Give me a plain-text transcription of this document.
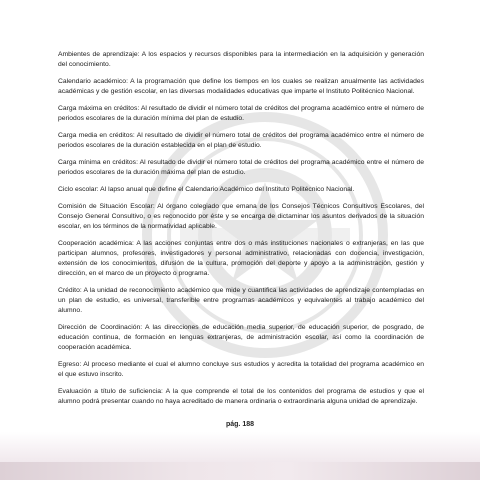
Ambientes de aprendizaje: A los espacios y recursos disponibles para la intermediación en la adquisición y generación del conocimiento.

Calendario académico: A la programación que define los tiempos en los cuales se realizan anualmente las actividades académicas y de gestión escolar, en las diversas modalidades educativas que imparte el Instituto Politécnico Nacional.

Carga máxima en créditos: Al resultado de dividir el número total de créditos del programa académico entre el número de periodos escolares de la duración mínima del plan de estudio.

Carga media en créditos: Al resultado de dividir el número total de créditos del programa académico entre el número de periodos escolares de la duración establecida en el plan de estudio.

Carga mínima en créditos: Al resultado de dividir el número total de créditos del programa académico entre el número de periodos escolares de la duración máxima del plan de estudio.

Ciclo escolar: Al lapso anual que define el Calendario Académico del Instituto Politécnico Nacional.

Comisión de Situación Escolar: Al órgano colegiado que emana de los Consejos Técnicos Consultivos Escolares, del Consejo General Consultivo, o es reconocido por éste y se encarga de dictaminar los asuntos derivados de la situación escolar, en los términos de la normatividad aplicable.

Cooperación académica: A las acciones conjuntas entre dos o más instituciones nacionales o extranjeras, en las que participan alumnos, profesores, investigadores y personal administrativo, relacionadas con docencia, investigación, extensión de los conocimientos, difusión de la cultura, promoción del deporte y apoyo a la administración, gestión y dirección, en el marco de un proyecto o programa.

Crédito: A la unidad de reconocimiento académico que mide y cuantifica las actividades de aprendizaje contempladas en un plan de estudio, es universal, transferible entre programas académicos y equivalentes al trabajo académico del alumno.

Dirección de Coordinación: A las direcciones de educación media superior, de educación superior, de posgrado, de educación continua, de formación en lenguas extranjeras, de administración escolar, así como la coordinación de cooperación académica.

Egreso: Al proceso mediante el cual el alumno concluye sus estudios y acredita la totalidad del programa académico en el que estuvo inscrito.

Evaluación a título de suficiencia: A la que comprende el total de los contenidos del programa de estudios y que el alumno podrá presentar cuando no haya acreditado de manera ordinaria o extraordinaria alguna unidad de aprendizaje.

pág. 188
